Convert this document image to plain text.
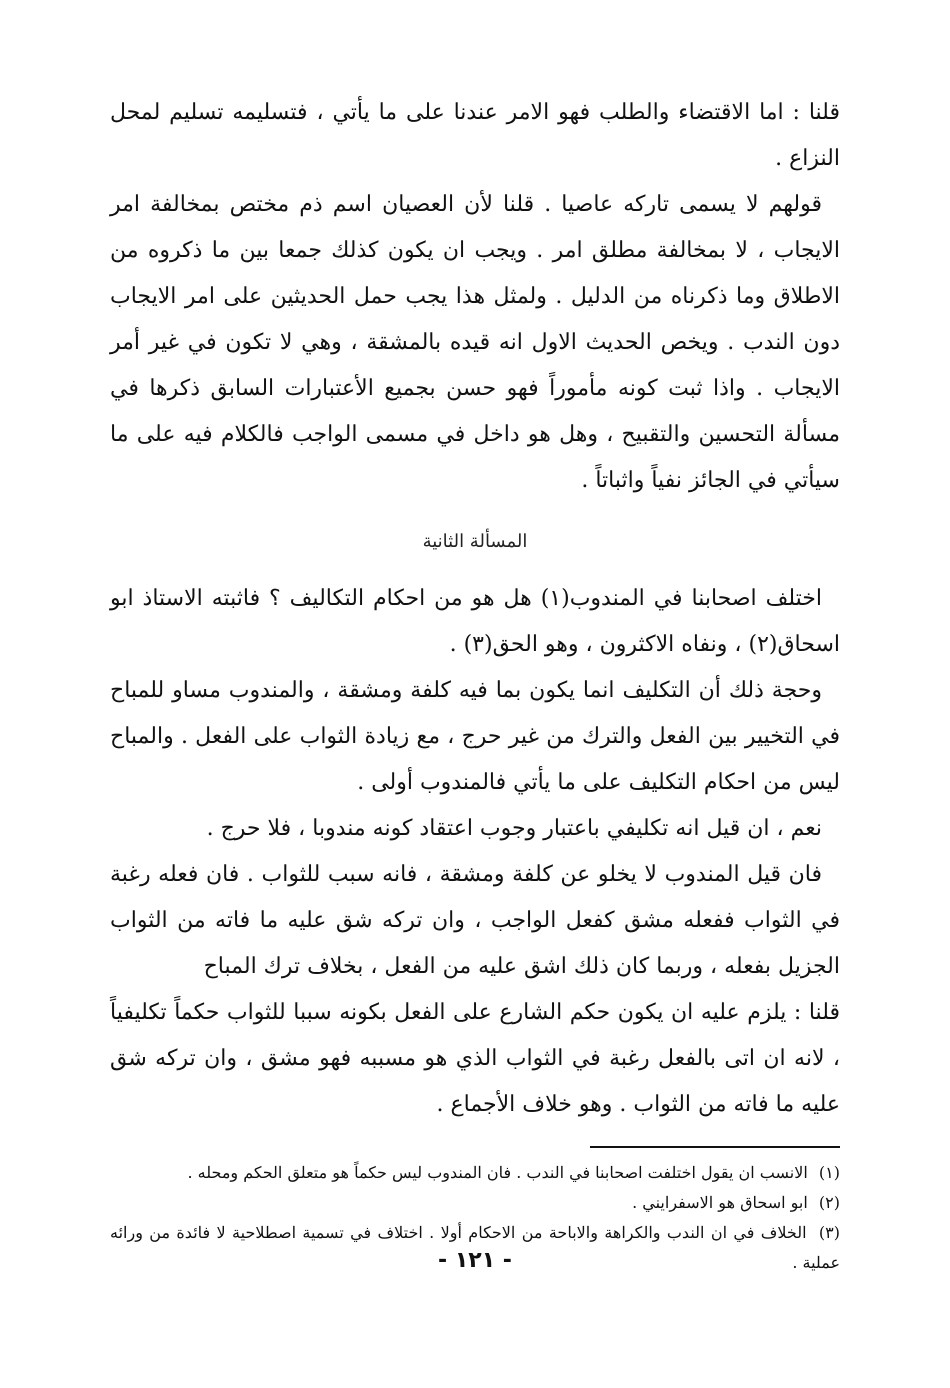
قلنا : اما الاقتضاء والطلب فهو الامر عندنا على ما يأتي ، فتسليمه تسليم لمحل النزاع .

قولهم لا يسمى تاركه عاصيا . قلنا لأن العصيان اسم ذم مختص بمخالفة امر الايجاب ، لا بمخالفة مطلق امر . ويجب ان يكون كذلك جمعا بين ما ذكروه من الاطلاق وما ذكرناه من الدليل . ولمثل هذا يجب حمل الحديثين على امر الايجاب دون الندب . ويخص الحديث الاول انه قيده بالمشقة ، وهي لا تكون في غير أمر الايجاب . واذا ثبت كونه مأموراً فهو حسن بجميع الأعتبارات السابق ذكرها في مسألة التحسين والتقبيح ، وهل هو داخل في مسمى الواجب فالكلام فيه على ما سيأتي في الجائز نفياً واثباتاً .

المسألة الثانية

اختلف اصحابنا في المندوب(١) هل هو من احكام التكاليف ؟ فاثبته الاستاذ ابو اسحاق(٢) ، ونفاه الاكثرون ، وهو الحق(٣) .

وحجة ذلك أن التكليف انما يكون بما فيه كلفة ومشقة ، والمندوب مساو للمباح في التخيير بين الفعل والترك من غير حرج ، مع زيادة الثواب على الفعل . والمباح ليس من احكام التكليف على ما يأتي فالمندوب أولى .

نعم ، ان قيل انه تكليفي باعتبار وجوب اعتقاد كونه مندوبا ، فلا حرج .

فان قيل المندوب لا يخلو عن كلفة ومشقة ، فانه سبب للثواب . فان فعله رغبة في الثواب ففعله مشق كفعل الواجب ، وان تركه شق عليه ما فاته من الثواب الجزيل بفعله ، وربما كان ذلك اشق عليه من الفعل ، بخلاف ترك المباح

قلنا : يلزم عليه ان يكون حكم الشارع على الفعل بكونه سببا للثواب حكماً تكليفياً ، لانه ان اتى بالفعل رغبة في الثواب الذي هو مسببه فهو مشق ، وان تركه شق عليه ما فاته من الثواب . وهو خلاف الأجماع .

(١) الانسب ان يقول اختلفت اصحابنا في الندب . فان المندوب ليس حكماً هو متعلق الحكم ومحله .

(٢) ابو اسحاق هو الاسفرايني .

(٣) الخلاف في ان الندب والكراهة والاباحة من الاحكام أولا . اختلاف في تسمية اصطلاحية لا فائدة من ورائه عملية .

- ١٢١ -
